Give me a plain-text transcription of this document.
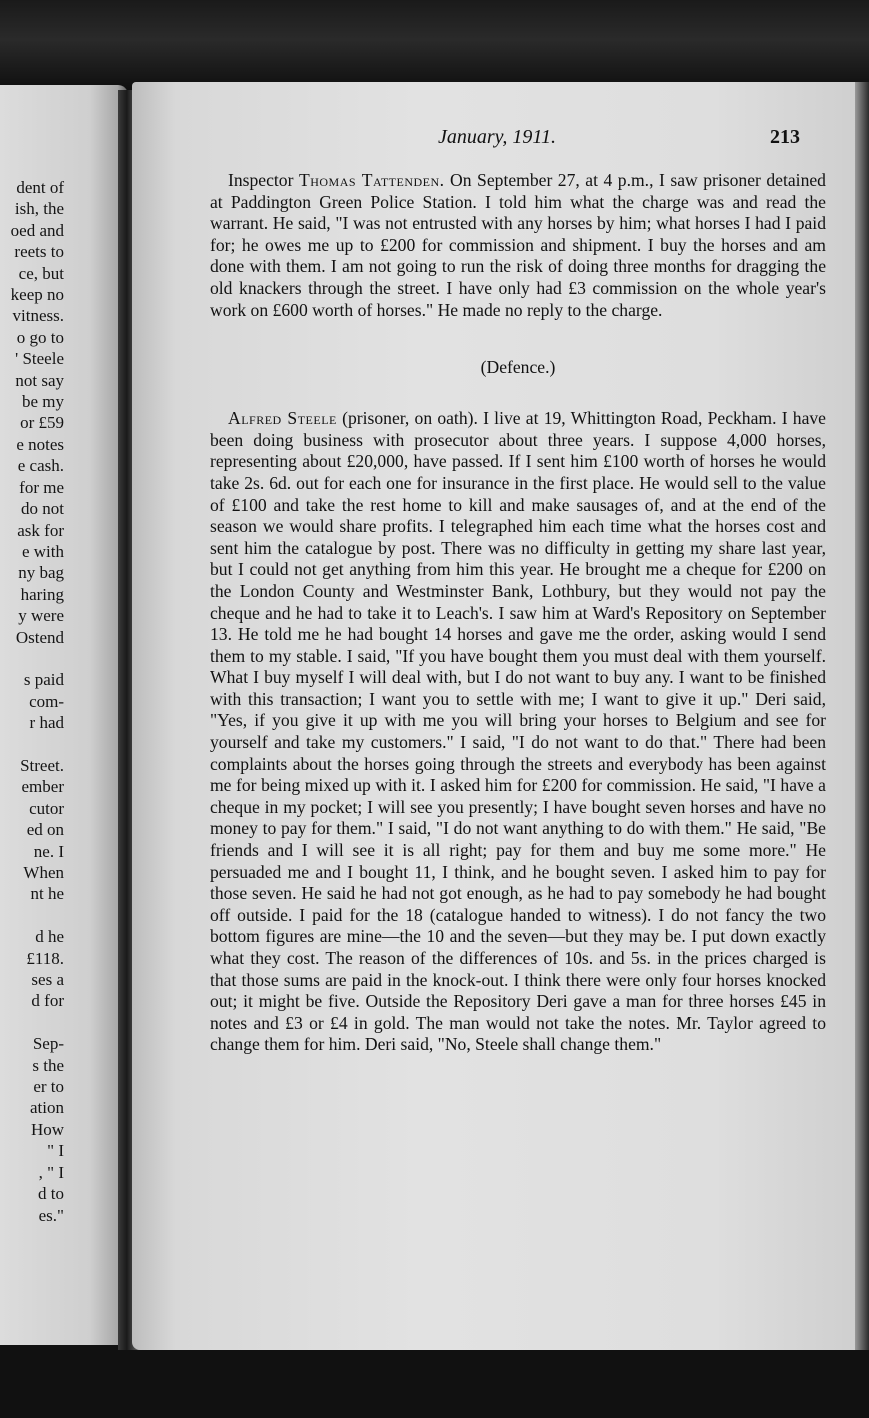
dent of
ish, the
oed and
reets to
ce, but
keep no
vitness.
o go to
' Steele
not say
be my
or £59
e notes
e cash.
for me
do not
ask for
e with
ny bag
haring
y were
Ostend

s paid
com-
r had

Street.
ember
cutor
ed on
ne. I
When
nt he

d he
£118.
ses a
d for

Sep-
s the
er to
ation
How
" I
, " I
d to
es."
January, 1911.	213

Inspector Thomas Tattenden. On September 27, at 4 p.m., I saw prisoner detained at Paddington Green Police Station. I told him what the charge was and read the warrant. He said, "I was not entrusted with any horses by him; what horses I had I paid for; he owes me up to £200 for commission and shipment. I buy the horses and am done with them. I am not going to run the risk of doing three months for dragging the old knackers through the street. I have only had £3 commission on the whole year's work on £600 worth of horses." He made no reply to the charge.

(Defence.)

Alfred Steele (prisoner, on oath). I live at 19, Whittington Road, Peckham. I have been doing business with prosecutor about three years. I suppose 4,000 horses, representing about £20,000, have passed. If I sent him £100 worth of horses he would take 2s. 6d. out for each one for insurance in the first place. He would sell to the value of £100 and take the rest home to kill and make sausages of, and at the end of the season we would share profits. I telegraphed him each time what the horses cost and sent him the catalogue by post. There was no difficulty in getting my share last year, but I could not get anything from him this year. He brought me a cheque for £200 on the London County and Westminster Bank, Lothbury, but they would not pay the cheque and he had to take it to Leach's. I saw him at Ward's Repository on September 13. He told me he had bought 14 horses and gave me the order, asking would I send them to my stable. I said, "If you have bought them you must deal with them yourself. What I buy myself I will deal with, but I do not want to buy any. I want to be finished with this transaction; I want you to settle with me; I want to give it up." Deri said, "Yes, if you give it up with me you will bring your horses to Belgium and see for yourself and take my customers." I said, "I do not want to do that." There had been complaints about the horses going through the streets and everybody has been against me for being mixed up with it. I asked him for £200 for commission. He said, "I have a cheque in my pocket; I will see you presently; I have bought seven horses and have no money to pay for them." I said, "I do not want anything to do with them." He said, "Be friends and I will see it is all right; pay for them and buy me some more." He persuaded me and I bought 11, I think, and he bought seven. I asked him to pay for those seven. He said he had not got enough, as he had to pay somebody he had bought off outside. I paid for the 18 (catalogue handed to witness). I do not fancy the two bottom figures are mine—the 10 and the seven—but they may be. I put down exactly what they cost. The reason of the differences of 10s. and 5s. in the prices charged is that those sums are paid in the knock-out. I think there were only four horses knocked out; it might be five. Outside the Repository Deri gave a man for three horses £45 in notes and £3 or £4 in gold. The man would not take the notes. Mr. Taylor agreed to change them for him. Deri said, "No, Steele shall change them."
